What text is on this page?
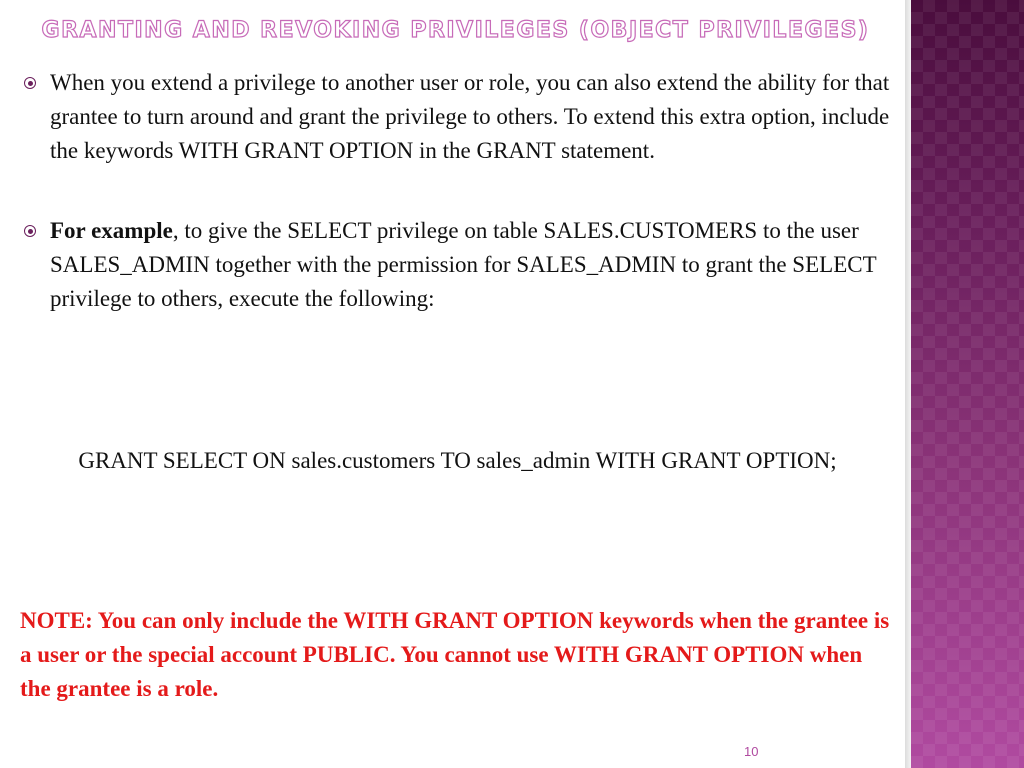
GRANTING AND REVOKING PRIVILEGES (OBJECT PRIVILEGES)
When you extend a privilege to another user or role, you can also extend the ability for that grantee to turn around and grant the privilege to others. To extend this extra option, include the keywords WITH GRANT OPTION in the GRANT statement.
For example, to give the SELECT privilege on table SALES.CUSTOMERS to the user SALES_ADMIN together with the permission for SALES_ADMIN to grant the SELECT privilege to others, execute the following:
GRANT SELECT ON sales.customers TO sales_admin WITH GRANT OPTION;
NOTE: You can only include the WITH GRANT OPTION keywords when the grantee is a user or the special account PUBLIC. You cannot use WITH GRANT OPTION when the grantee is a role.
10
